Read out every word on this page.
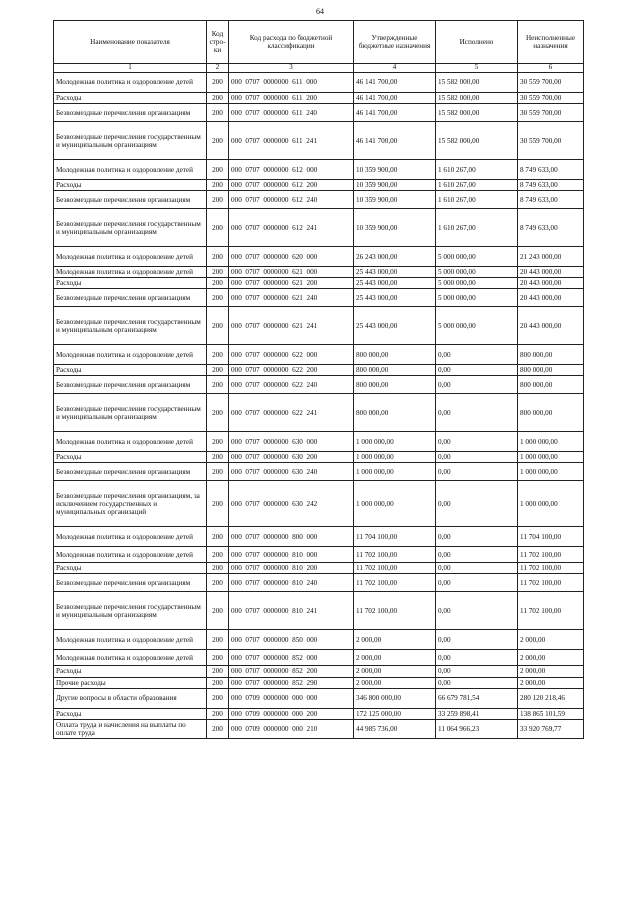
64
Наименование показателя	Код стро-ки	Код расхода по бюджетной классификации	Утвержденные бюджетные назначения	Исполнено	Неисполненные назначения
1	2	3	4	5	6
Молодежная политика и оздоровление детей	200	000  0707  0000000  611  000	46 141 700,00	15 582 000,00	30 559 700,00
Расходы	200	000  0707  0000000  611  200	46 141 700,00	15 582 000,00	30 559 700,00
Безвозмездные перечисления организациям	200	000  0707  0000000  611  240	46 141 700,00	15 582 000,00	30 559 700,00
Безвозмездные перечисления государственным и муниципальным организациям	200	000  0707  0000000  611  241	46 141 700,00	15 582 000,00	30 559 700,00
Молодежная политика и оздоровление детей	200	000  0707  0000000  612  000	10 359 900,00	1 610 267,00	8 749 633,00
Расходы	200	000  0707  0000000  612  200	10 359 900,00	1 610 267,00	8 749 633,00
Безвозмездные перечисления организациям	200	000  0707  0000000  612  240	10 359 900,00	1 610 267,00	8 749 633,00
Безвозмездные перечисления государственным и муниципальным организациям	200	000  0707  0000000  612  241	10 359 900,00	1 610 267,00	8 749 633,00
Молодежная политика и оздоровление детей	200	000  0707  0000000  620  000	26 243 000,00	5 000 000,00	21 243 000,00
Молодежная политика и оздоровление детей	200	000  0707  0000000  621  000	25 443 000,00	5 000 000,00	20 443 000,00
Расходы	200	000  0707  0000000  621  200	25 443 000,00	5 000 000,00	20 443 000,00
Безвозмездные перечисления организациям	200	000  0707  0000000  621  240	25 443 000,00	5 000 000,00	20 443 000,00
Безвозмездные перечисления государственным и муниципальным организациям	200	000  0707  0000000  621  241	25 443 000,00	5 000 000,00	20 443 000,00
Молодежная политика и оздоровление детей	200	000  0707  0000000  622  000	800 000,00	0,00	800 000,00
Расходы	200	000  0707  0000000  622  200	800 000,00	0,00	800 000,00
Безвозмездные перечисления организациям	200	000  0707  0000000  622  240	800 000,00	0,00	800 000,00
Безвозмездные перечисления государственным и муниципальным организациям	200	000  0707  0000000  622  241	800 000,00	0,00	800 000,00
Молодежная политика и оздоровление детей	200	000  0707  0000000  630  000	1 000 000,00	0,00	1 000 000,00
Расходы	200	000  0707  0000000  630  200	1 000 000,00	0,00	1 000 000,00
Безвозмездные перечисления организациям	200	000  0707  0000000  630  240	1 000 000,00	0,00	1 000 000,00
Безвозмездные перечисления организациям, за исключением государственных и муниципальных организаций	200	000  0707  0000000  630  242	1 000 000,00	0,00	1 000 000,00
Молодежная политика и оздоровление детей	200	000  0707  0000000  800  000	11 704 100,00	0,00	11 704 100,00
Молодежная политика и оздоровление детей	200	000  0707  0000000  810  000	11 702 100,00	0,00	11 702 100,00
Расходы	200	000  0707  0000000  810  200	11 702 100,00	0,00	11 702 100,00
Безвозмездные перечисления организациям	200	000  0707  0000000  810  240	11 702 100,00	0,00	11 702 100,00
Безвозмездные перечисления государственным и муниципальным организациям	200	000  0707  0000000  810  241	11 702 100,00	0,00	11 702 100,00
Молодежная политика и оздоровление детей	200	000  0707  0000000  850  000	2 000,00	0,00	2 000,00
Молодежная политика и оздоровление детей	200	000  0707  0000000  852  000	2 000,00	0,00	2 000,00
Расходы	200	000  0707  0000000  852  200	2 000,00	0,00	2 000,00
Прочие расходы	200	000  0707  0000000  852  290	2 000,00	0,00	2 000,00
Другие вопросы в области образования	200	000  0709  0000000  000  000	346 800 000,00	66 679 781,54	280 120 218,46
Расходы	200	000  0709  0000000  000  200	172 125 000,00	33 259 898,41	138 865 101,59
Оплата труда и начисления на выплаты по оплате труда	200	000  0709  0000000  000  210	44 985 736,00	11 064 966,23	33 920 769,77
